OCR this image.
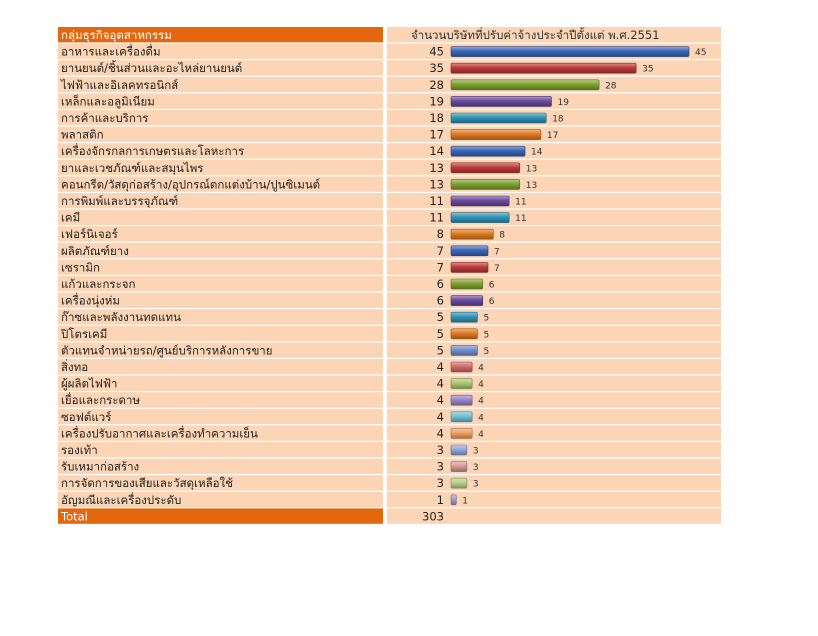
กลุ่มธุรกิจอุตสาหกรรม	จำนวนบริษัทที่ปรับค่าจ้างประจำปีตั้งแต่ พ.ศ.2551
อาหารและเครื่องดื่ม	45	45
ยานยนต์/ชิ้นส่วนและอะไหล่ยานยนต์	35	35
ไฟฟ้าและอิเลคทรอนิกส์	28	28
เหล็กและอลูมิเนียม	19	19
การค้าและบริการ	18	18
พลาสติก	17	17
เครื่องจักรกลการเกษตรและโลหะการ	14	14
ยาและเวชภัณฑ์และสมุนไพร	13	13
คอนกรีต/วัสดุก่อสร้าง/อุปกรณ์ตกแต่งบ้าน/ปูนซิเมนต์	13	13
การพิมพ์และบรรจุภัณฑ์	11	11
เคมี	11	11
เฟอร์นิเจอร์	8	8
ผลิตภัณฑ์ยาง	7	7
เซรามิก	7	7
แก้วและกระจก	6	6
เครื่องนุ่งห่ม	6	6
ก๊าซและพลังงานทดแทน	5	5
ปิโตรเคมี	5	5
ตัวแทนจำหน่ายรถ/ศูนย์บริการหลังการขาย	5	5
สิ่งทอ	4	4
ผู้ผลิตไฟฟ้า	4	4
เยื่อและกระดาษ	4	4
ซอฟต์แวร์	4	4
เครื่องปรับอากาศและเครื่องทำความเย็น	4	4
รองเท้า	3	3
รับเหมาก่อสร้าง	3	3
การจัดการของเสียและวัสดุเหลือใช้	3	3
อัญมณีและเครื่องประดับ	1 1
Total	303
